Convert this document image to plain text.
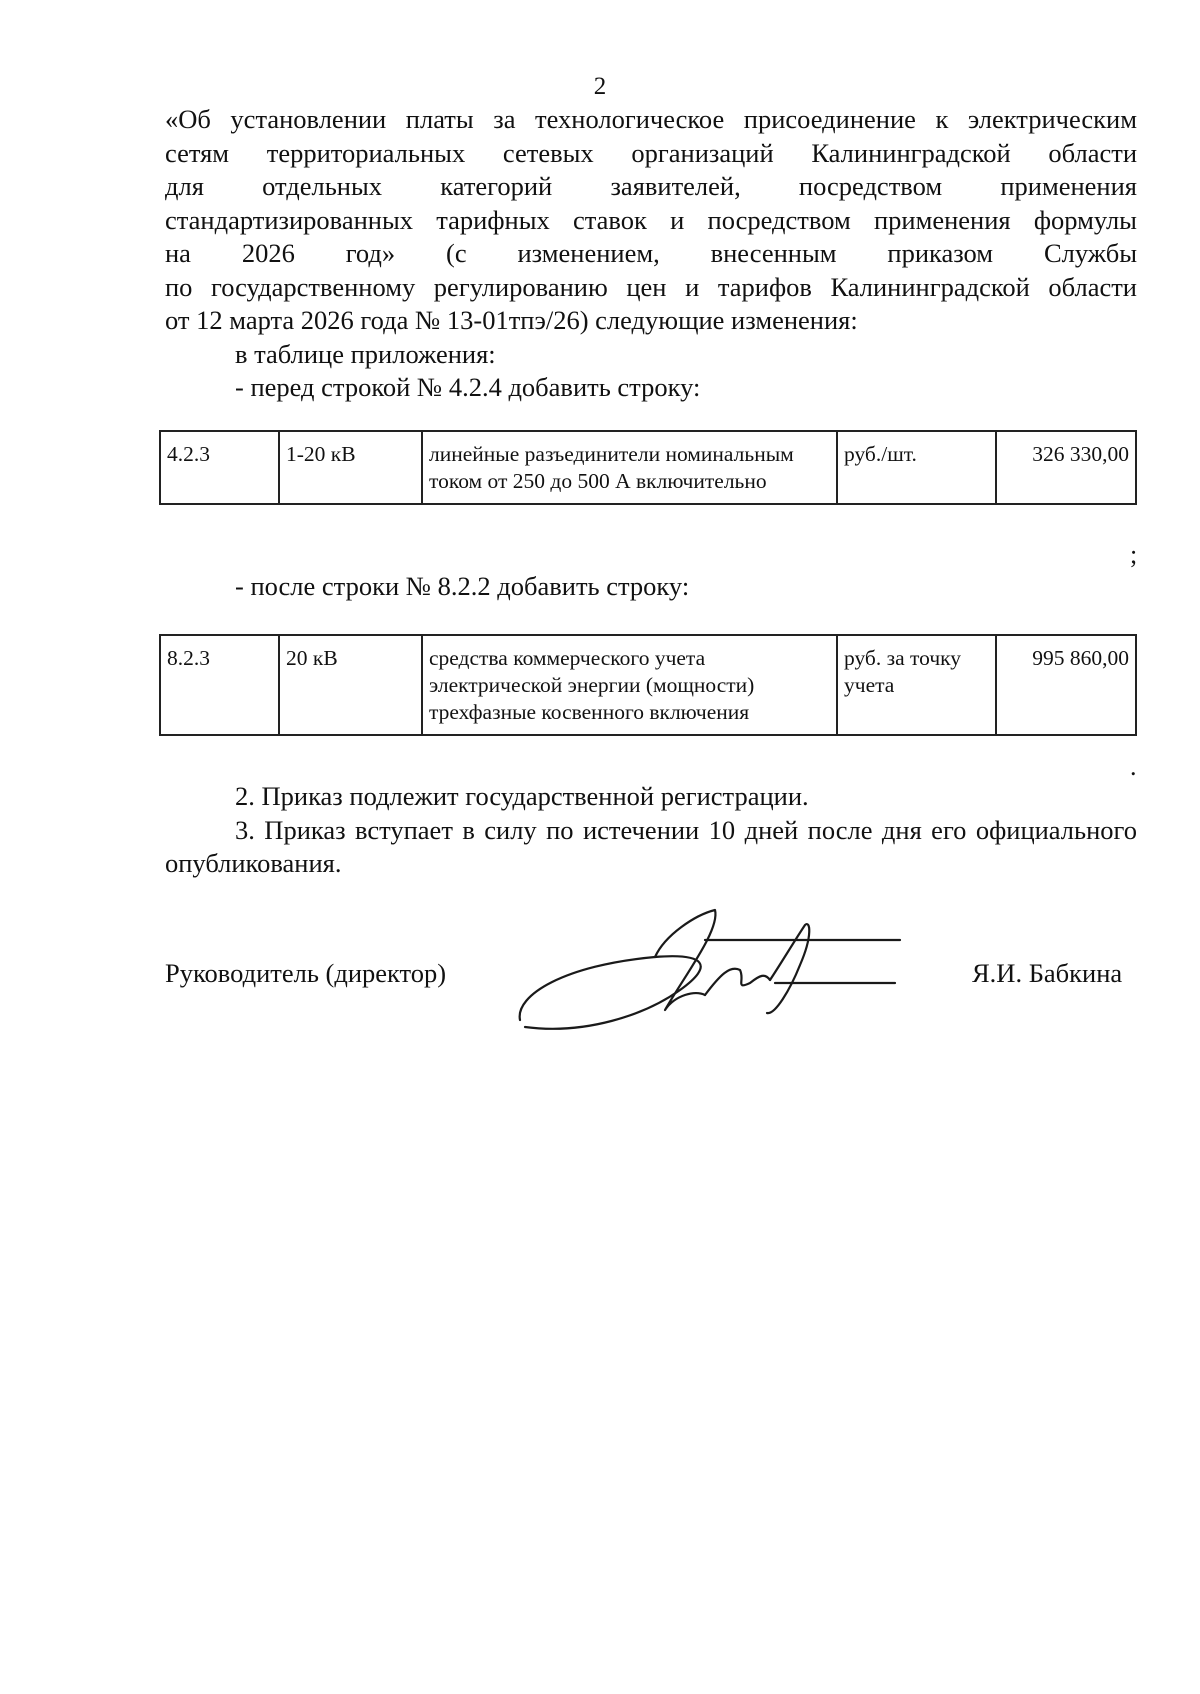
2

«Об установлении платы за технологическое присоединение к электрическим

сетям территориальных сетевых организаций Калининградской области

для отдельных категорий заявителей, посредством применения

стандартизированных тарифных ставок и посредством применения формулы

на 2026 год» (с изменением, внесенным приказом Службы

по государственному регулированию цен и тарифов Калининградской области

от 12 марта 2026 года № 13-01тпэ/26) следующие изменения:

в таблице приложения:

- перед строкой № 4.2.4 добавить строку:

4.2.3	1-20 кВ	линейные разъединители номинальным током от 250 до 500 А включительно	руб./шт.	326 330,00
;
- после строки № 8.2.2 добавить строку:
8.2.3	20 кВ	средства коммерческого учета электрической энергии (мощности) трехфазные косвенного включения	руб. за точку учета	995 860,00
.

2. Приказ подлежит государственной регистрации.

3. Приказ вступает в силу по истечении 10 дней после дня его официального опубликования.

Руководитель (директор)	Я.И. Бабкина
